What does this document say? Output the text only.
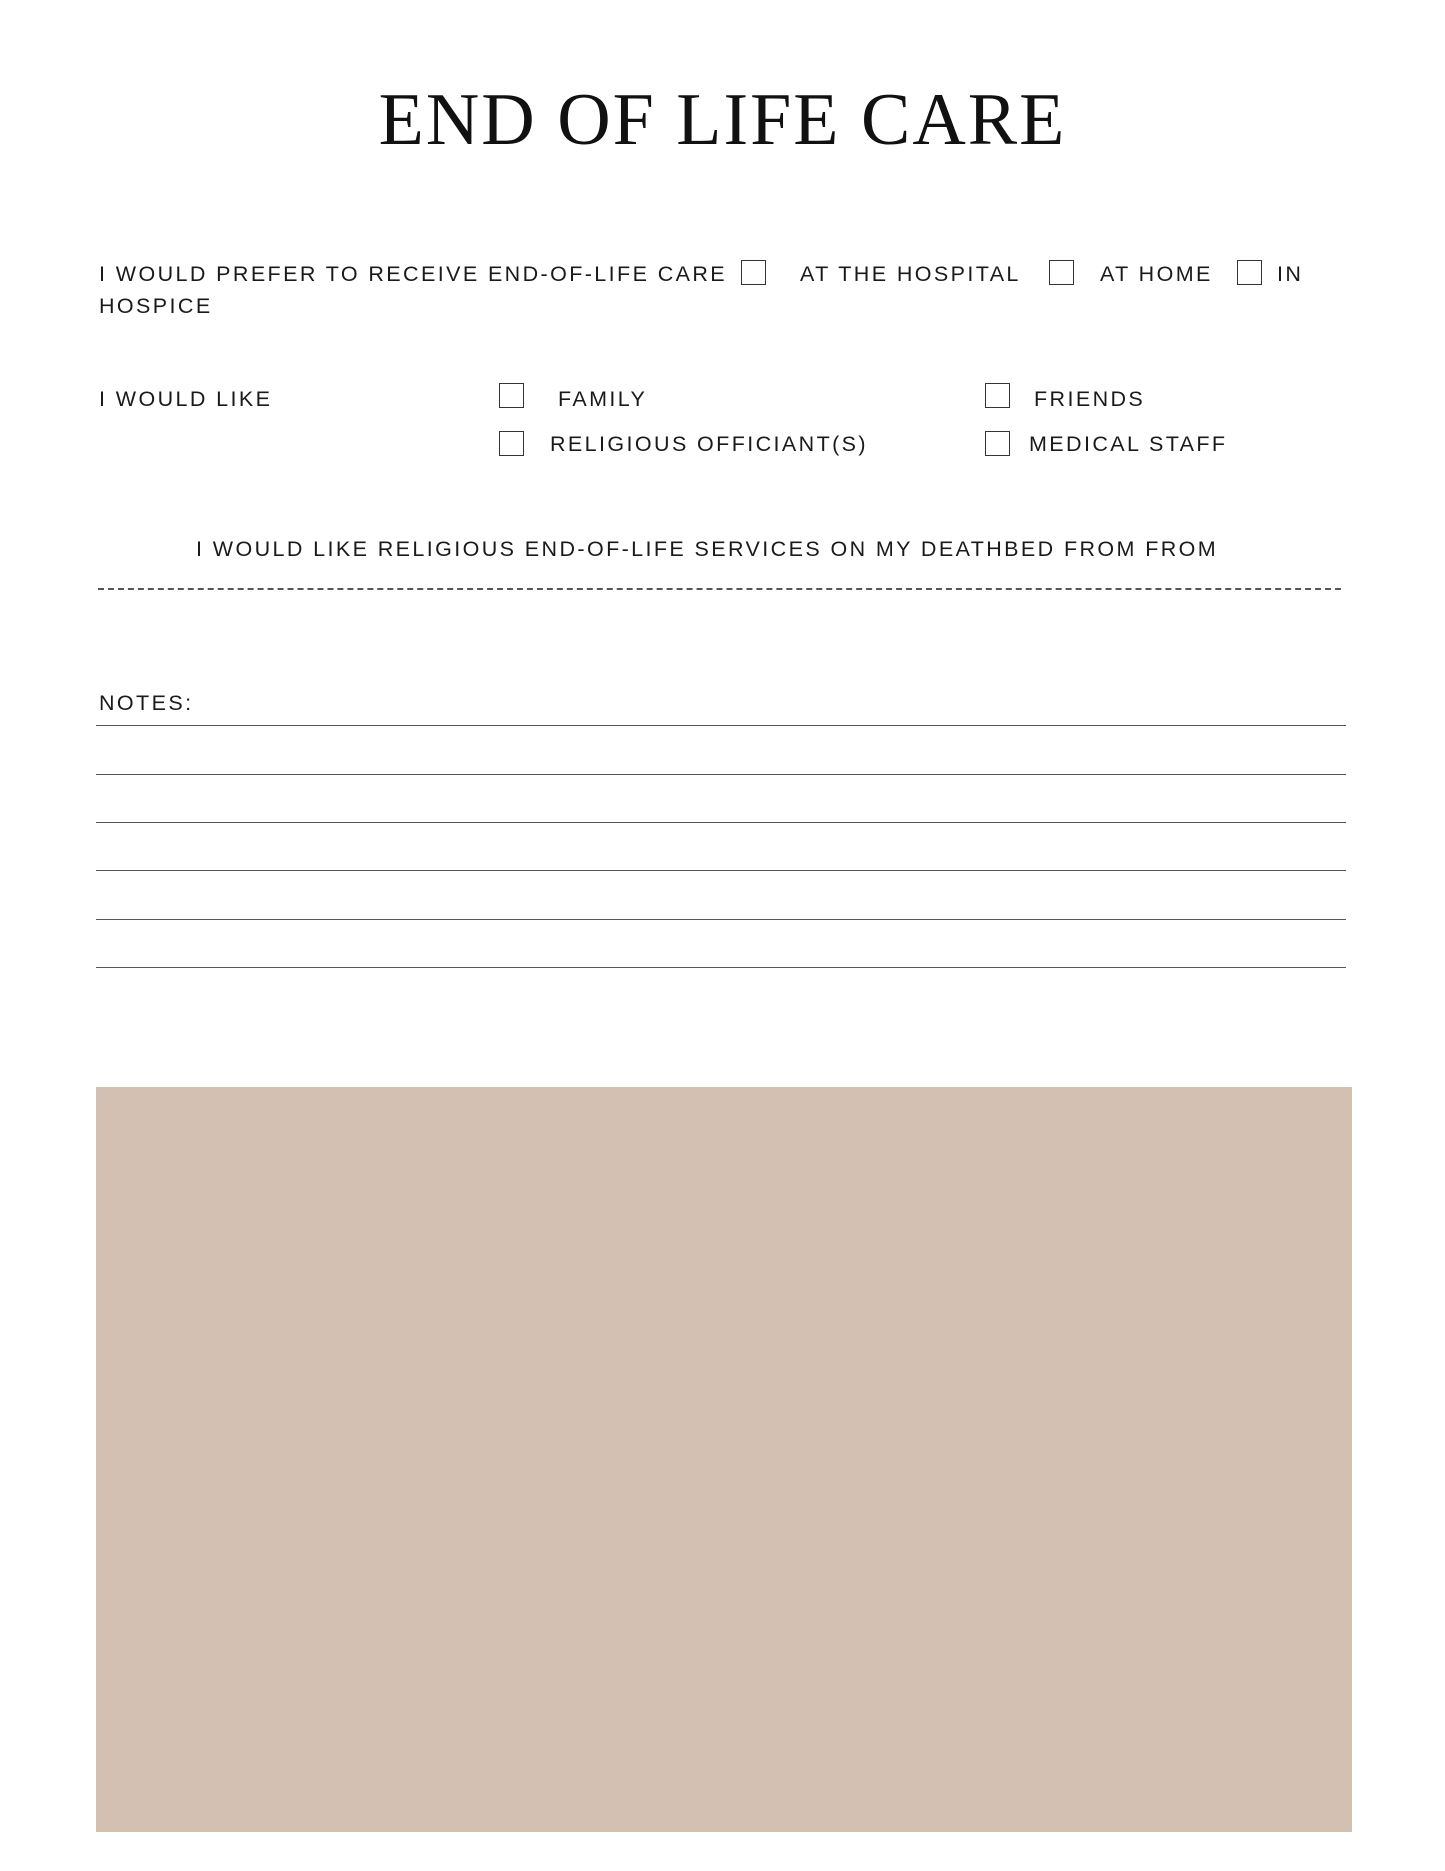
END OF LIFE CARE
I WOULD PREFER TO RECEIVE END-OF-LIFE CARE	AT THE HOSPITAL	AT HOME	IN
HOSPICE
I WOULD LIKE	FAMILY	FRIENDS
RELIGIOUS OFFICIANT(S)	MEDICAL STAFF
I WOULD LIKE RELIGIOUS END-OF-LIFE SERVICES ON MY DEATHBED FROM FROM
NOTES:
